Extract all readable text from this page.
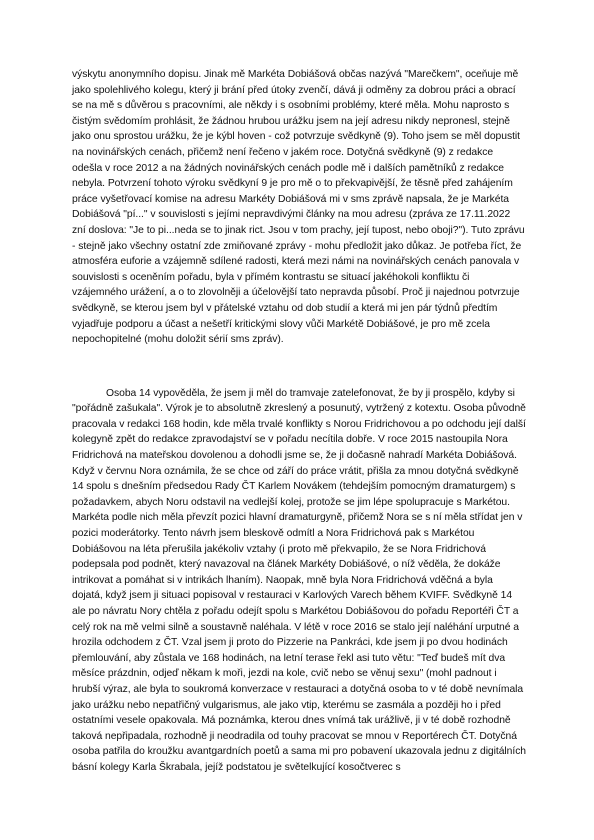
výskytu anonymního dopisu. Jinak mě Markéta Dobiášová občas nazývá "Marečkem", oceňuje mě jako spolehlivého kolegu, který ji brání před útoky zvenčí, dává ji odměny za dobrou práci a obrací se na mě s důvěrou s pracovními, ale někdy i s osobními problémy, které měla. Mohu naprosto s čistým svědomím prohlásit, že žádnou hrubou urážku jsem na její adresu nikdy nepronesl, stejně jako onu sprostou urážku, že je kýbl hoven - což potvrzuje svědkyně (9). Toho jsem se měl dopustit na novinářských cenách, přičemž není řečeno v jakém roce. Dotyčná svědkyně (9) z redakce odešla v roce 2012 a na žádných novinářských cenách podle mě i dalších pamětníků z redakce nebyla. Potvrzení tohoto výroku svědkyní 9 je pro mě o to překvapivější, že těsně před zahájením práce vyšetřovací komise na adresu Markéty Dobiášová mi v sms zprávě napsala, že je Markéta Dobiášová "pí..." v souvislosti s jejími nepravdivými články na mou adresu (zpráva ze 17.11.2022 zní doslova: "Je to pi...neda se to jinak rict. Jsou v tom prachy, její tupost, nebo oboji?"). Tuto zprávu - stejně jako všechny ostatní zde zmiňované zprávy - mohu předložit jako důkaz. Je potřeba říct, že atmosféra euforie a vzájemně sdílené radosti, která mezi námi na novinářských cenách panovala v souvislosti s oceněním pořadu, byla v přímém kontrastu se situací jakéhokoli konfliktu či vzájemného urážení, a o to zlovolněji a účelovější tato nepravda působí. Proč ji najednou potvrzuje svědkyně, se kterou jsem byl v přátelské vztahu od dob studií a která mi jen pár týdnů předtím vyjadřuje podporu a účast a nešetří kritickými slovy vůči Markétě Dobiášové, je pro mě zcela nepochopitelné (mohu doložit sérií sms zpráv).

Osoba 14 vypověděla, že jsem ji měl do tramvaje zatelefonovat, že by ji prospělo, kdyby si "pořádně zašukala". Výrok je to absolutně zkreslený a posunutý, vytržený z kotextu. Osoba původně pracovala v redakci 168 hodin, kde měla trvalé konflikty s Norou Fridrichovou a po odchodu její další kolegyně zpět do redakce zpravodajství se v pořadu necítila dobře. V roce 2015 nastoupila Nora Fridrichová na mateřskou dovolenou a dohodli jsme se, že ji dočasně nahradí Markéta Dobiášová. Když v červnu Nora oznámila, že se chce od září do práce vrátit, přišla za mnou dotyčná svědkyně 14 spolu s dnešním předsedou Rady ČT Karlem Novákem (tehdejším pomocným dramaturgem) s požadavkem, abych Noru odstavil na vedlejší kolej, protože se jim lépe spolupracuje s Markétou. Markéta podle nich měla převzít pozici hlavní dramaturgyně, přičemž Nora se s ní měla střídat jen v pozici moderátorky. Tento návrh jsem bleskově odmítl a Nora Fridrichová pak s Markétou Dobiášovou na léta přerušila jakékoliv vztahy (i proto mě překvapilo, že se Nora Fridrichová podepsala pod podnět, který navazoval na článek Markéty Dobiášové, o níž věděla, že dokáže intrikovat a pomáhat si v intrikách lhaním). Naopak, mně byla Nora Fridrichová vděčná a byla dojatá, když jsem ji situaci popisoval v restauraci v Karlových Varech během KVIFF. Svědkyně 14 ale po návratu Nory chtěla z pořadu odejít spolu s Markétou Dobiášovou do pořadu Reportéři ČT a celý rok na mě velmi silně a soustavně naléhala. V létě v roce 2016 se stalo její naléhání urputné a hrozila odchodem z ČT. Vzal jsem ji proto do Pizzerie na Pankráci, kde jsem ji po dvou hodinách přemlouvání, aby zůstala ve 168 hodinách, na letní terase řekl asi tuto větu: "Teď budeš mít dva měsíce prázdnin, odjeď někam k moři, jezdi na kole, cvič nebo se věnuj sexu" (mohl padnout i hrubší výraz, ale byla to soukromá konverzace v restauraci a dotyčná osoba to v té době nevnímala jako urážku nebo nepatřičný vulgarismus, ale jako vtip, kterému se zasmála a později ho i před ostatními vesele opakovala. Má poznámka, kterou dnes vnímá tak urážlivě, ji v té době rozhodně taková nepřipadala, rozhodně ji neodradila od touhy pracovat se mnou v Reportérech ČT. Dotyčná osoba patřila do kroužku avantgardních poetů a sama mi pro pobavení ukazovala jednu z digitálních básní kolegy Karla Škrabala, jejíž podstatou je světelkující kosočtverec s
